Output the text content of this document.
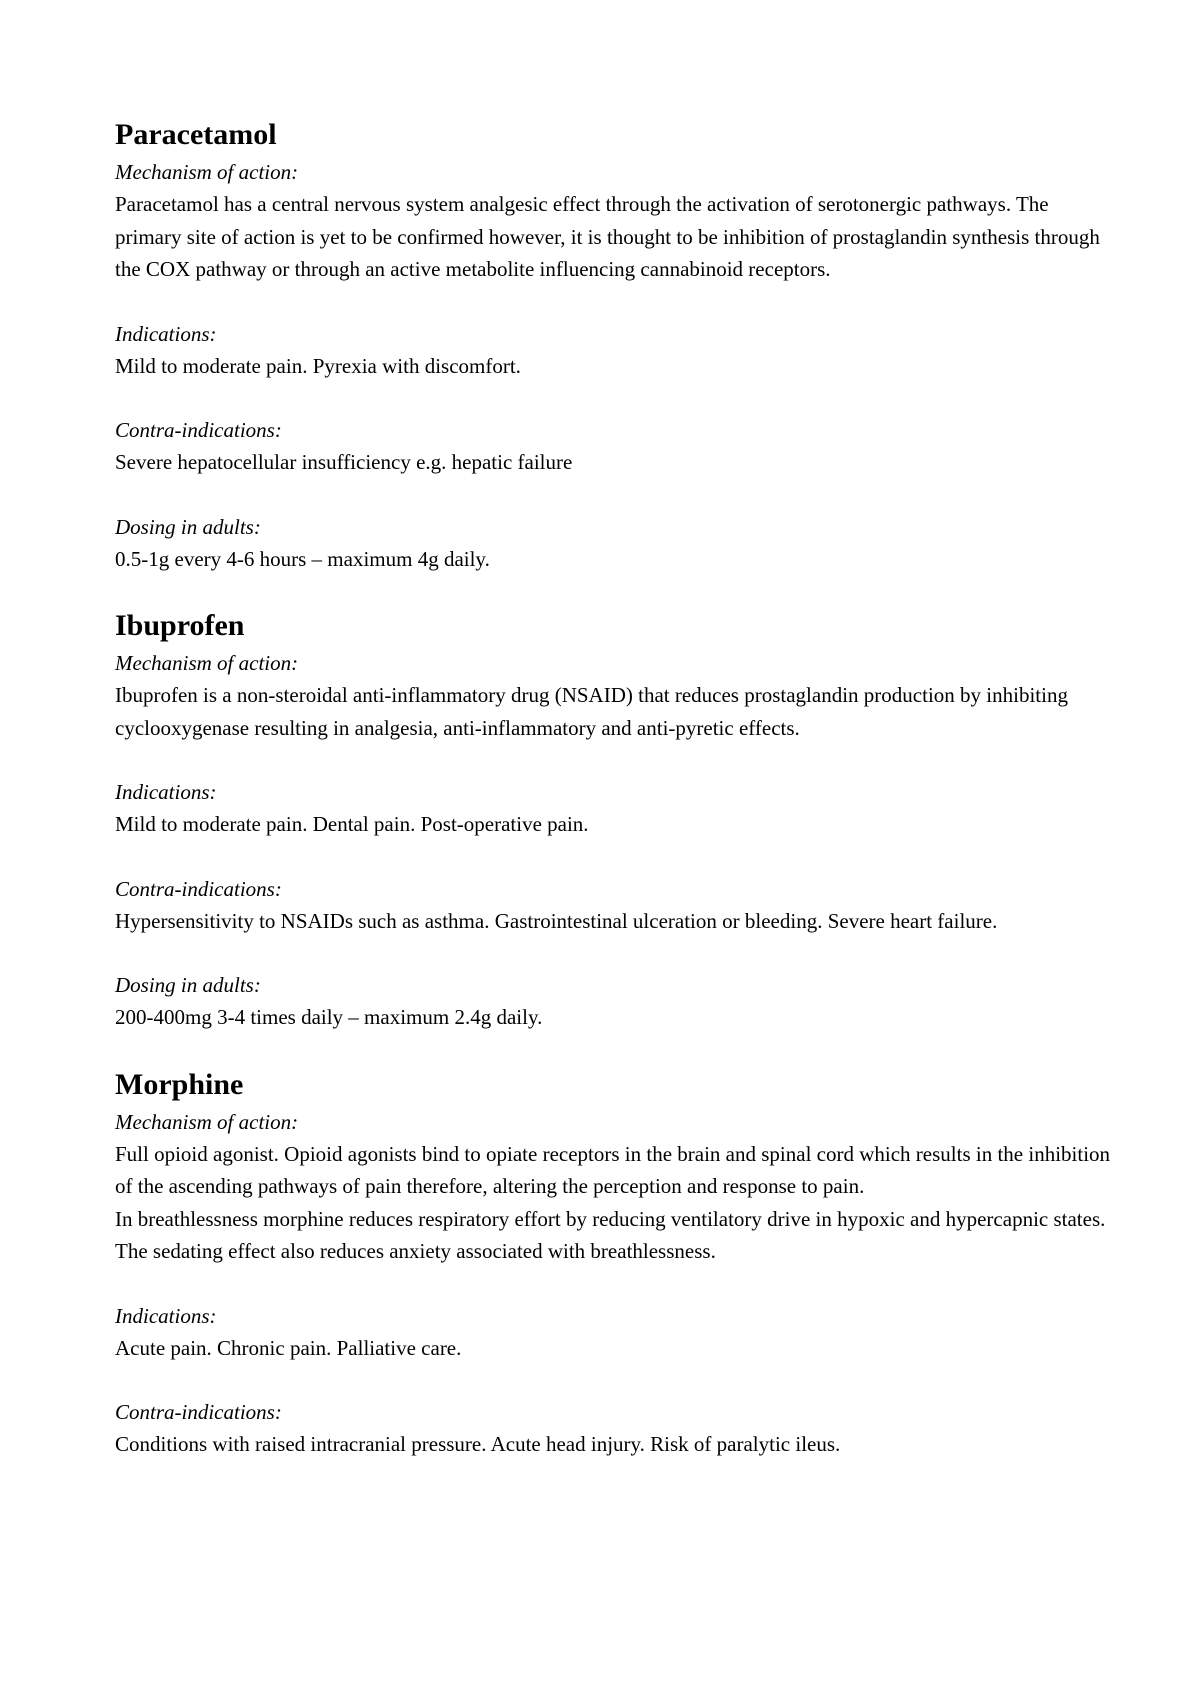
Paracetamol
Mechanism of action:

Paracetamol has a central nervous system analgesic effect through the activation of serotonergic pathways. The primary site of action is yet to be confirmed however, it is thought to be inhibition of prostaglandin synthesis through the COX pathway or through an active metabolite influencing cannabinoid receptors.

Indications:

Mild to moderate pain. Pyrexia with discomfort.

Contra-indications:

Severe hepatocellular insufficiency e.g. hepatic failure

Dosing in adults:

0.5-1g every 4-6 hours – maximum 4g daily.

Ibuprofen
Mechanism of action:

Ibuprofen is a non-steroidal anti-inflammatory drug (NSAID) that reduces prostaglandin production by inhibiting cyclooxygenase resulting in analgesia, anti-inflammatory and anti-pyretic effects.

Indications:

Mild to moderate pain. Dental pain. Post-operative pain.

Contra-indications:

Hypersensitivity to NSAIDs such as asthma. Gastrointestinal ulceration or bleeding. Severe heart failure.

Dosing in adults:

200-400mg 3-4 times daily – maximum 2.4g daily.

Morphine
Mechanism of action:

Full opioid agonist. Opioid agonists bind to opiate receptors in the brain and spinal cord which results in the inhibition of the ascending pathways of pain therefore, altering the perception and response to pain.

In breathlessness morphine reduces respiratory effort by reducing ventilatory drive in hypoxic and hypercapnic states. The sedating effect also reduces anxiety associated with breathlessness.

Indications:

Acute pain. Chronic pain. Palliative care.

Contra-indications:

Conditions with raised intracranial pressure. Acute head injury. Risk of paralytic ileus.
